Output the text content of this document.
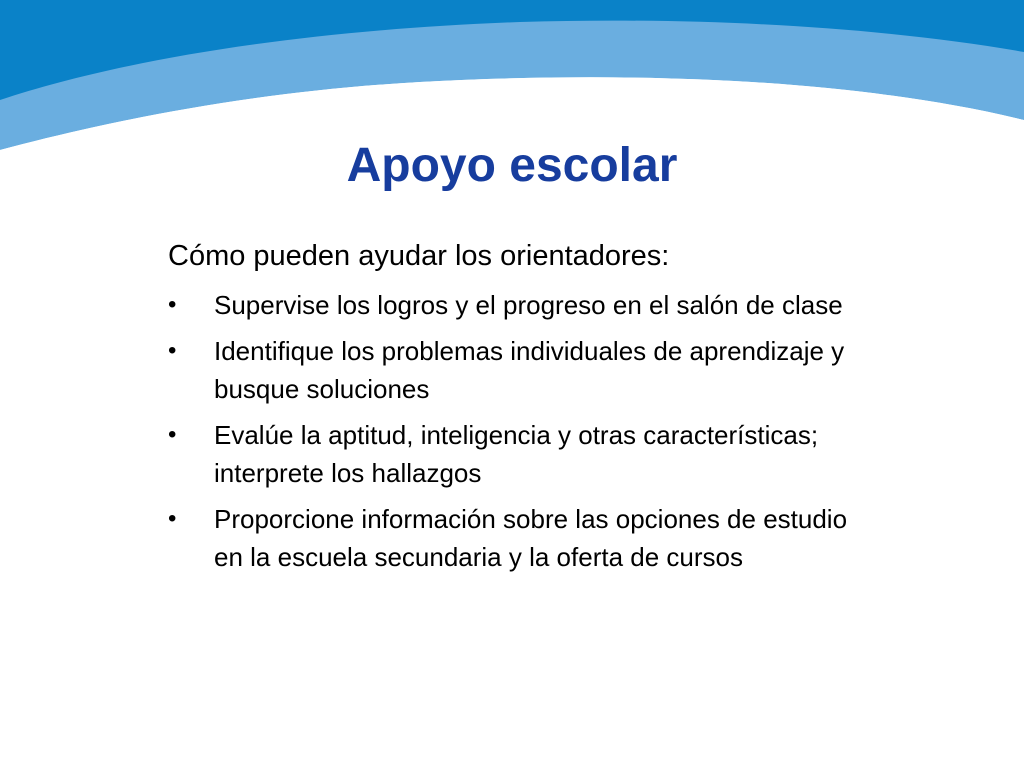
Apoyo escolar

Cómo pueden ayudar los orientadores:

•	Supervise los logros y el progreso en el salón de clase
•	Identifique los problemas individuales de aprendizaje y busque soluciones
•	Evalúe la aptitud, inteligencia y otras características; interprete los hallazgos
•	Proporcione información sobre las opciones de estudio en la escuela secundaria y la oferta de cursos
